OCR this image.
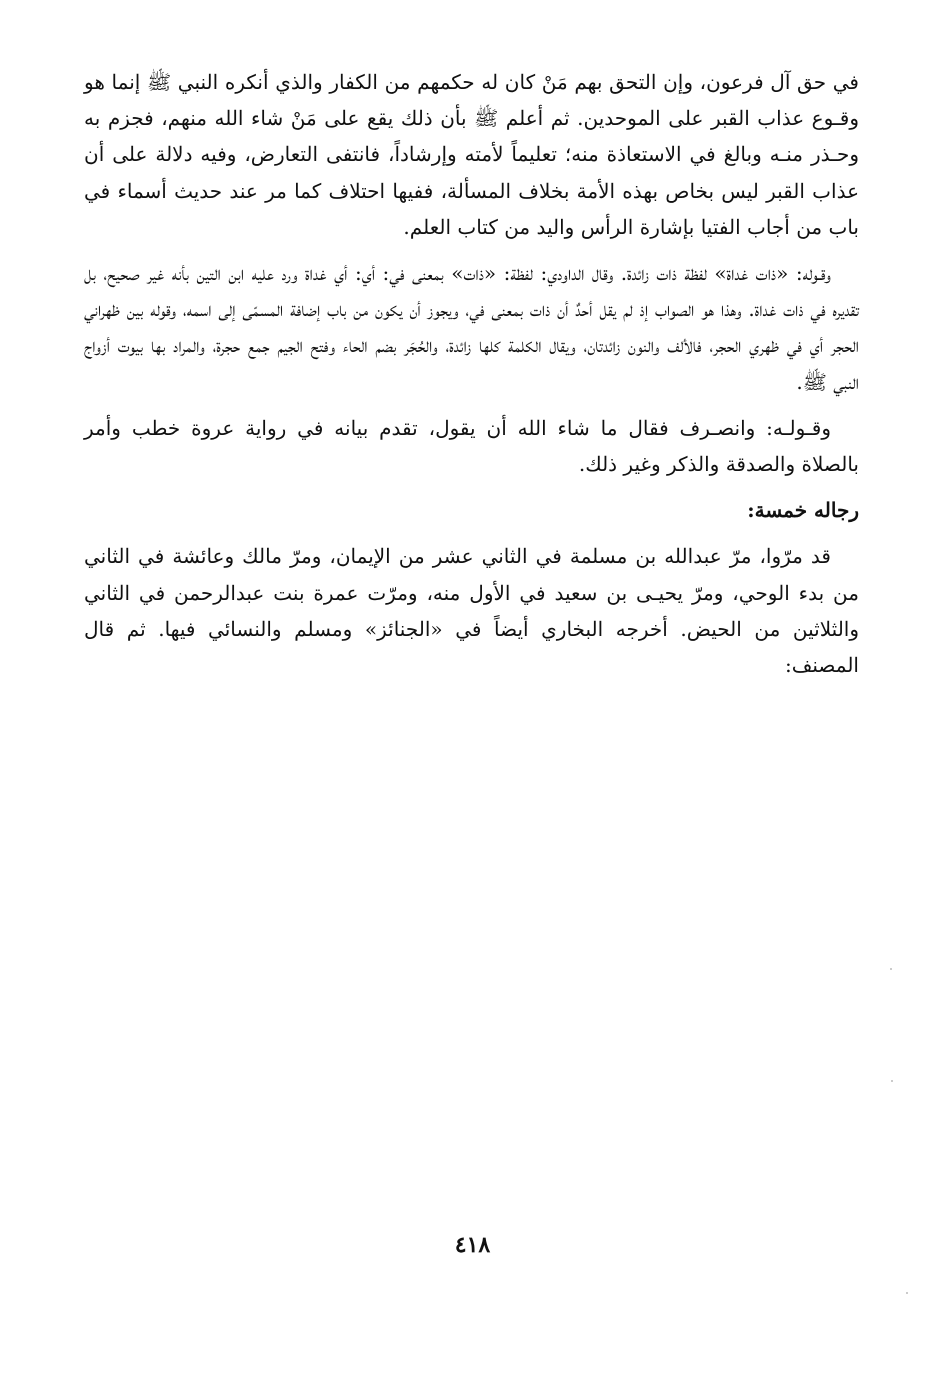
في حق آل فرعون، وإن التحق بهم مَنْ كان له حكمهم من الكفار والذي أنكره النبي ﷺ إنما هو وقـوع عذاب القبر على الموحدين. ثم أعلم ﷺ بأن ذلك يقع على مَنْ شاء الله منهم، فجزم به وحـذر منـه وبالغ في الاستعاذة منه؛ تعليماً لأمته وإرشاداً، فانتفى التعارض، وفيه دلالة على أن عذاب القبر ليس بخاص بهذه الأمة بخلاف المسألة، ففيها احتلاف كما مر عند حديث أسماء في باب من أجاب الفتيا بإشارة الرأس واليد من كتاب العلم.

وقـوله: «ذات غداة» لفظة ذات زائدة. وقال الداودي: لفظة: «ذات» بمعنى في: أي: أي غداة ورد عليه ابن التين بأنه غير صحيح، بل تقديره في ذات غداة. وهذا هو الصواب إذ لم يقل أحدٌ أن ذات بمعنى في، ويجوز أن يكون من باب إضافة المسمّى إلى اسمه، وقوله بين ظهراني الحجر أي في ظهري الحجر، فالألف والنون زائدتان، ويقال الكلمة كلها زائدة، والحُجَر بضم الحاء وفتح الجيم جمع حجرة، والمراد بها بيوت أزواج النبي ﷺ.

وقـولـه: وانصـرف فقال ما شاء الله أن يقول، تقدم بيانه في رواية عروة خطب وأمر بالصلاة والصدقة والذكر وغير ذلك.

رجاله خمسة:

قد مرّوا، مرّ عبدالله بن مسلمة في الثاني عشر من الإيمان، ومرّ مالك وعائشة في الثاني من بدء الوحي، ومرّ يحيـى بن سعيد في الأول منه، ومرّت عمرة بنت عبدالرحمن في الثاني والثلاثين من الحيض. أخرجه البخاري أيضاً في «الجنائز» ومسلم والنسائي فيها. ثم قال المصنف:

٤١٨
